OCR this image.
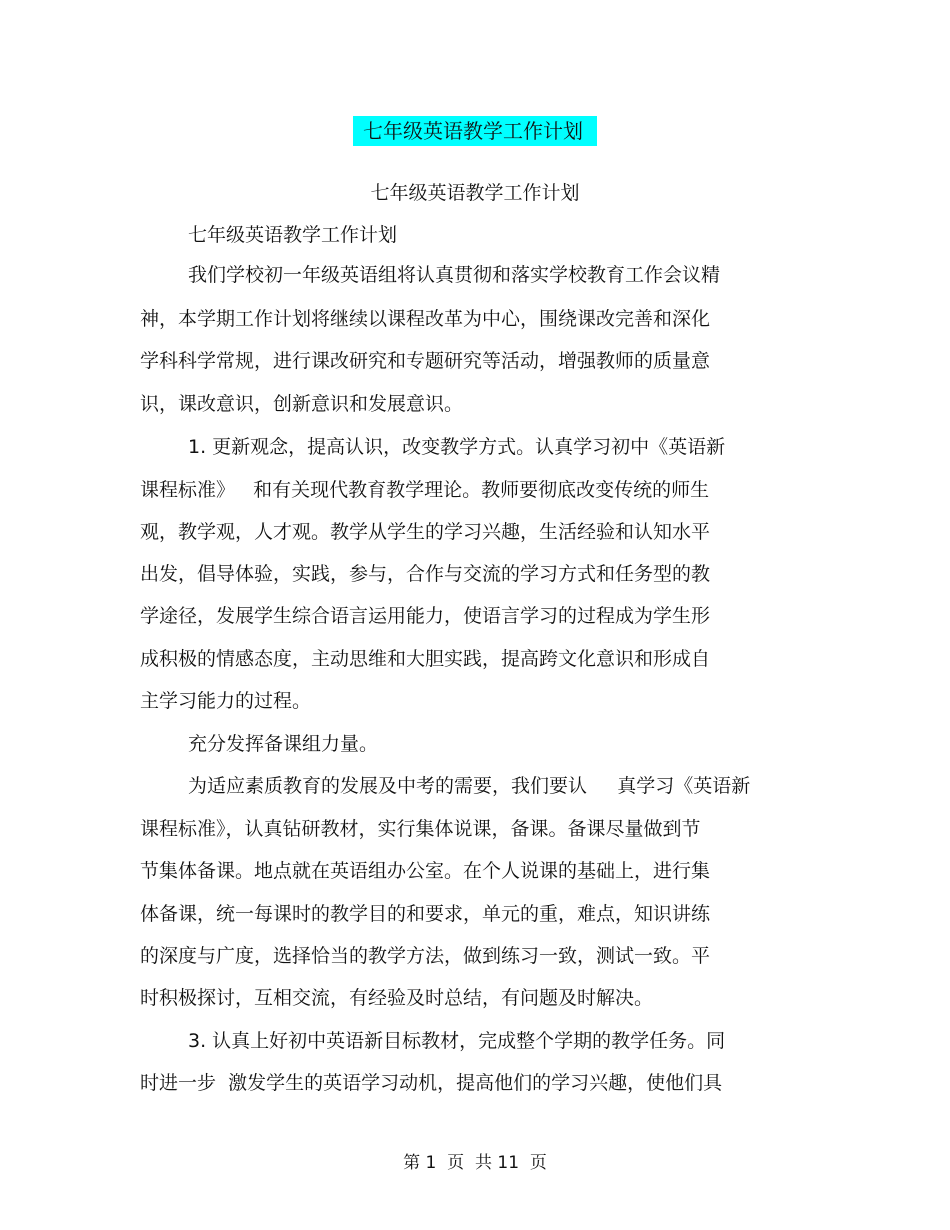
七年级英语教学工作计划
七年级英语教学工作计划
七年级英语教学工作计划
我们学校初一年级英语组将认真贯彻和落实学校教育工作会议精
神，本学期工作计划将继续以课程改革为中心，围绕课改完善和深化
学科科学常规，进行课改研究和专题研究等活动，增强教师的质量意
识，课改意识，创新意识和发展意识。
1. 更新观念，提高认识，改变教学方式。认真学习初中《英语新
课程标准》   和有关现代教育教学理论。教师要彻底改变传统的师生
观，教学观，人才观。教学从学生的学习兴趣，生活经验和认知水平
出发，倡导体验，实践，参与，合作与交流的学习方式和任务型的教
学途径，发展学生综合语言运用能力，使语言学习的过程成为学生形
成积极的情感态度，主动思维和大胆实践，提高跨文化意识和形成自
主学习能力的过程。
充分发挥备课组力量。
为适应素质教育的发展及中考的需要，我们要认     真学习《英语新
课程标准》，认真钻研教材，实行集体说课，备课。备课尽量做到节
节集体备课。地点就在英语组办公室。在个人说课的基础上，进行集
体备课，统一每课时的教学目的和要求，单元的重，难点，知识讲练
的深度与广度，选择恰当的教学方法，做到练习一致，测试一致。平
时积极探讨，互相交流，有经验及时总结，有问题及时解决。
3. 认真上好初中英语新目标教材，完成整个学期的教学任务。同
时进一步  激发学生的英语学习动机，提高他们的学习兴趣，使他们具
第 1  页  共 11  页
